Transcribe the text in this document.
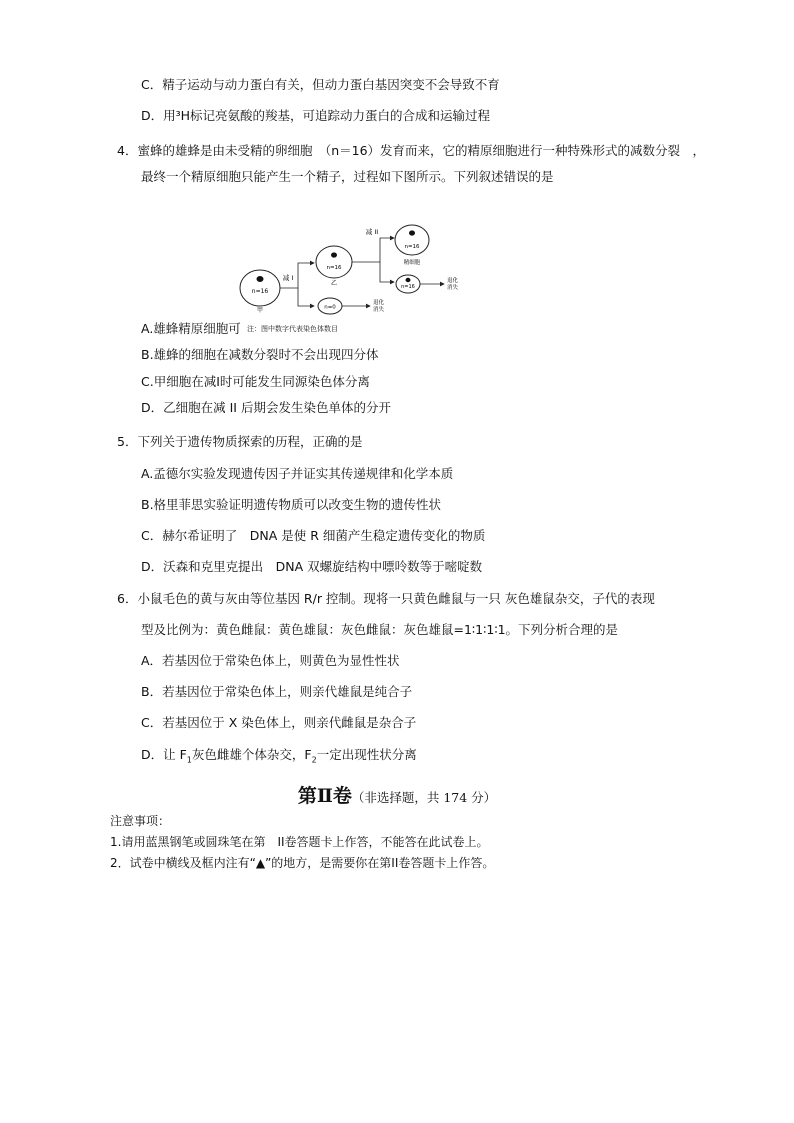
C．精子运动与动力蛋白有关，但动力蛋白基因突变不会导致不育
D．用³H标记亮氨酸的羧基，可追踪动力蛋白的合成和运输过程
4．蜜蜂的雄蜂是由未受精的卵细胞　（n＝16）发育而来，它的精原细胞进行一种特殊形式的减数分裂　，
最终一个精原细胞只能产生一个精子，过程如下图所示。下列叙述错误的是
n=16
甲
减 I
n=16
乙
n=0
退化
消失
减 II
n=16
精细胞
n=16
退化
消失
A.雄蜂精原细胞可 注：图中数字代表染色体数目
B.雄蜂的细胞在减数分裂时不会出现四分体
C.甲细胞在减I时可能发生同源染色体分离
D．乙细胞在减 II 后期会发生染色单体的分开
5．下列关于遗传物质探索的历程，正确的是
A.孟德尔实验发现遗传因子并证实其传递规律和化学本质
B.格里菲思实验证明遗传物质可以改变生物的遗传性状
C．赫尔希证明了　DNA 是使 R 细菌产生稳定遗传变化的物质
D．沃森和克里克提出　DNA 双螺旋结构中嘌呤数等于嘧啶数
6．小鼠毛色的黄与灰由等位基因 R/r 控制。现将一只黄色雌鼠与一只 灰色雄鼠杂交，子代的表现
型及比例为：黄色雌鼠：黄色雄鼠：灰色雌鼠：灰色雄鼠=1∶1∶1∶1。下列分析合理的是
A．若基因位于常染色体上，则黄色为显性性状
B．若基因位于常染色体上，则亲代雄鼠是纯合子
C．若基因位于 X 染色体上，则亲代雌鼠是杂合子
D．让 $F_1$灰色雌雄个体杂交，$F_2$一定出现性状分离
第Ⅱ卷（非选择题，共 174 分）
注意事项：
1.请用蓝黑钢笔或圆珠笔在第　II卷答题卡上作答，不能答在此试卷上。
2．试卷中横线及框内注有“▲”的地方，是需要你在第II卷答题卡上作答。
